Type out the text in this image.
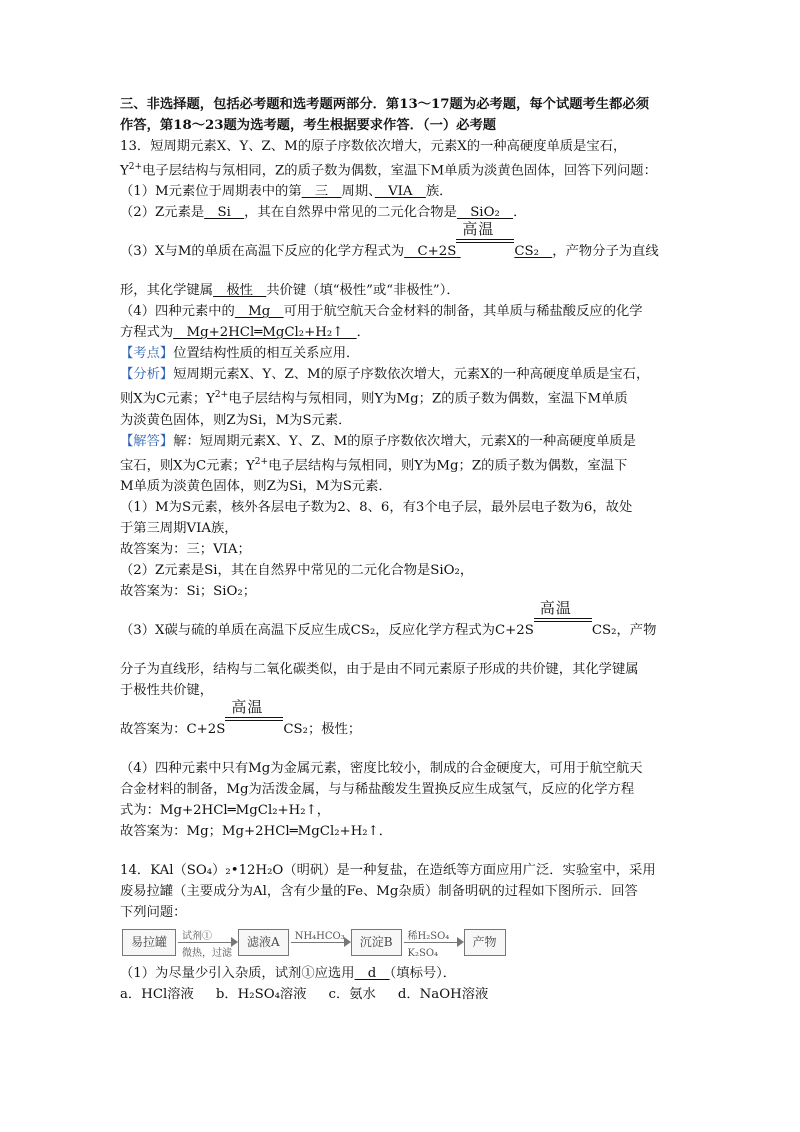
三、非选择题，包括必考题和选考题两部分．第13～17题为必考题，每个试题考生都必须
作答，第18～23题为选考题，考生根据要求作答．（一）必考题
13．短周期元素X、Y、Z、M的原子序数依次增大，元素X的一种高硬度单质是宝石，
$Y^{2+}$电子层结构与氖相同，Z的质子数为偶数，室温下M单质为淡黄色固体，回答下列问题：
（1）M元素位于周期表中的第　三　周期、　VIA　族．
（2）Z元素是　Si　，其在自然界中常见的二元化合物是　SiO₂　．
（3）X与M的单质在高温下反应的化学方程式为　C+2S
高温
CS₂　，产物分子为直线
形，其化学键属　极性　共价键（填“极性”或“非极性”）．
（4）四种元素中的　Mg　可用于航空航天合金材料的制备，其单质与稀盐酸反应的化学
方程式为　Mg+2HCl═MgCl₂+H₂↑　．
【考点】位置结构性质的相互关系应用．
【分析】短周期元素X、Y、Z、M的原子序数依次增大，元素X的一种高硬度单质是宝石，
则X为C元素；$Y^{2+}$电子层结构与氖相同，则Y为Mg；Z的质子数为偶数，室温下M单质
为淡黄色固体，则Z为Si，M为S元素．
【解答】解：短周期元素X、Y、Z、M的原子序数依次增大，元素X的一种高硬度单质是
宝石，则X为C元素；$Y^{2+}$电子层结构与氖相同，则Y为Mg；Z的质子数为偶数，室温下
M单质为淡黄色固体，则Z为Si，M为S元素．
（1）M为S元素，核外各层电子数为2、8、6，有3个电子层，最外层电子数为6，故处
于第三周期VIA族，
故答案为：三；VIA；
（2）Z元素是Si，其在自然界中常见的二元化合物是SiO₂，
故答案为：Si；SiO₂；
（3）X碳与硫的单质在高温下反应生成CS₂，反应化学方程式为C+2S
高温
CS₂，产物
分子为直线形，结构与二氧化碳类似，由于是由不同元素原子形成的共价键，其化学键属
于极性共价键，
故答案为：C+2S
高温
CS₂；极性；
（4）四种元素中只有Mg为金属元素，密度比较小，制成的合金硬度大，可用于航空航天
合金材料的制备，Mg为活泼金属，与与稀盐酸发生置换反应生成氢气，反应的化学方程
式为：Mg+2HCl═MgCl₂+H₂↑，
故答案为：Mg；Mg+2HCl═MgCl₂+H₂↑．
14．KAl（SO₄）₂•12H₂O（明矾）是一种复盐，在造纸等方面应用广泛．实验室中，采用
废易拉罐（主要成分为Al，含有少量的Fe、Mg杂质）制备明矾的过程如下图所示．回答
下列问题：
易拉罐	试剂①
微热，过滤
滤液A	NH₄HCO₃	沉淀B	稀H₂SO₄
K₂SO₄
产物
（1）为尽量少引入杂质，试剂①应选用　d　（填标号）．
a．HCl溶液 b．H₂SO₄溶液 c．氨水 d．NaOH溶液
